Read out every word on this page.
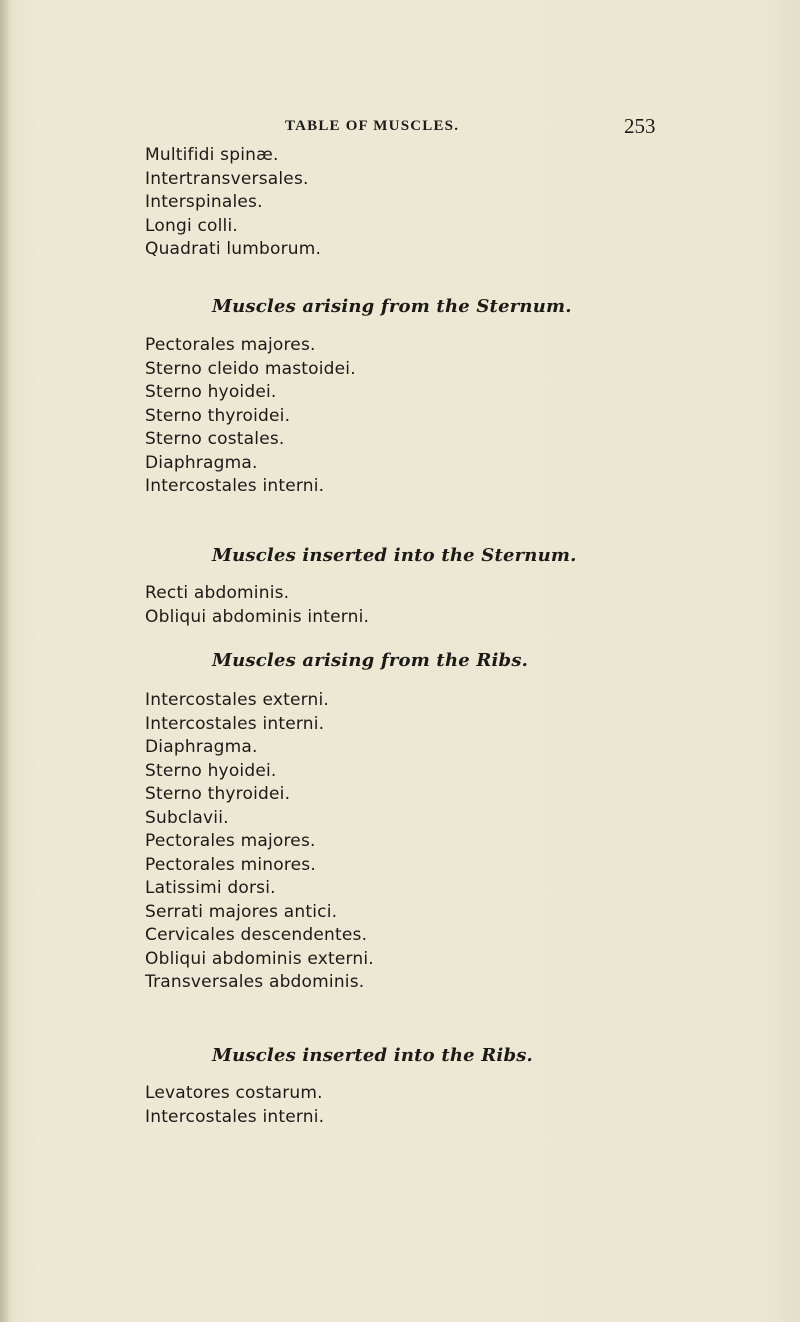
TABLE OF MUSCLES.	253
Multifidi spinæ.
Intertransversales.
Interspinales.
Longi colli.
Quadrati lumborum.
Muscles arising from the Sternum.
Pectorales majores.
Sterno cleido mastoidei.
Sterno hyoidei.
Sterno thyroidei.
Sterno costales.
Diaphragma.
Intercostales interni.
Muscles inserted into the Sternum.
Recti abdominis.
Obliqui abdominis interni.
Muscles arising from the Ribs.
Intercostales externi.
Intercostales interni.
Diaphragma.
Sterno hyoidei.
Sterno thyroidei.
Subclavii.
Pectorales majores.
Pectorales minores.
Latissimi dorsi.
Serrati majores antici.
Cervicales descendentes.
Obliqui abdominis externi.
Transversales abdominis.
Muscles inserted into the Ribs.
Levatores costarum.
Intercostales interni.
